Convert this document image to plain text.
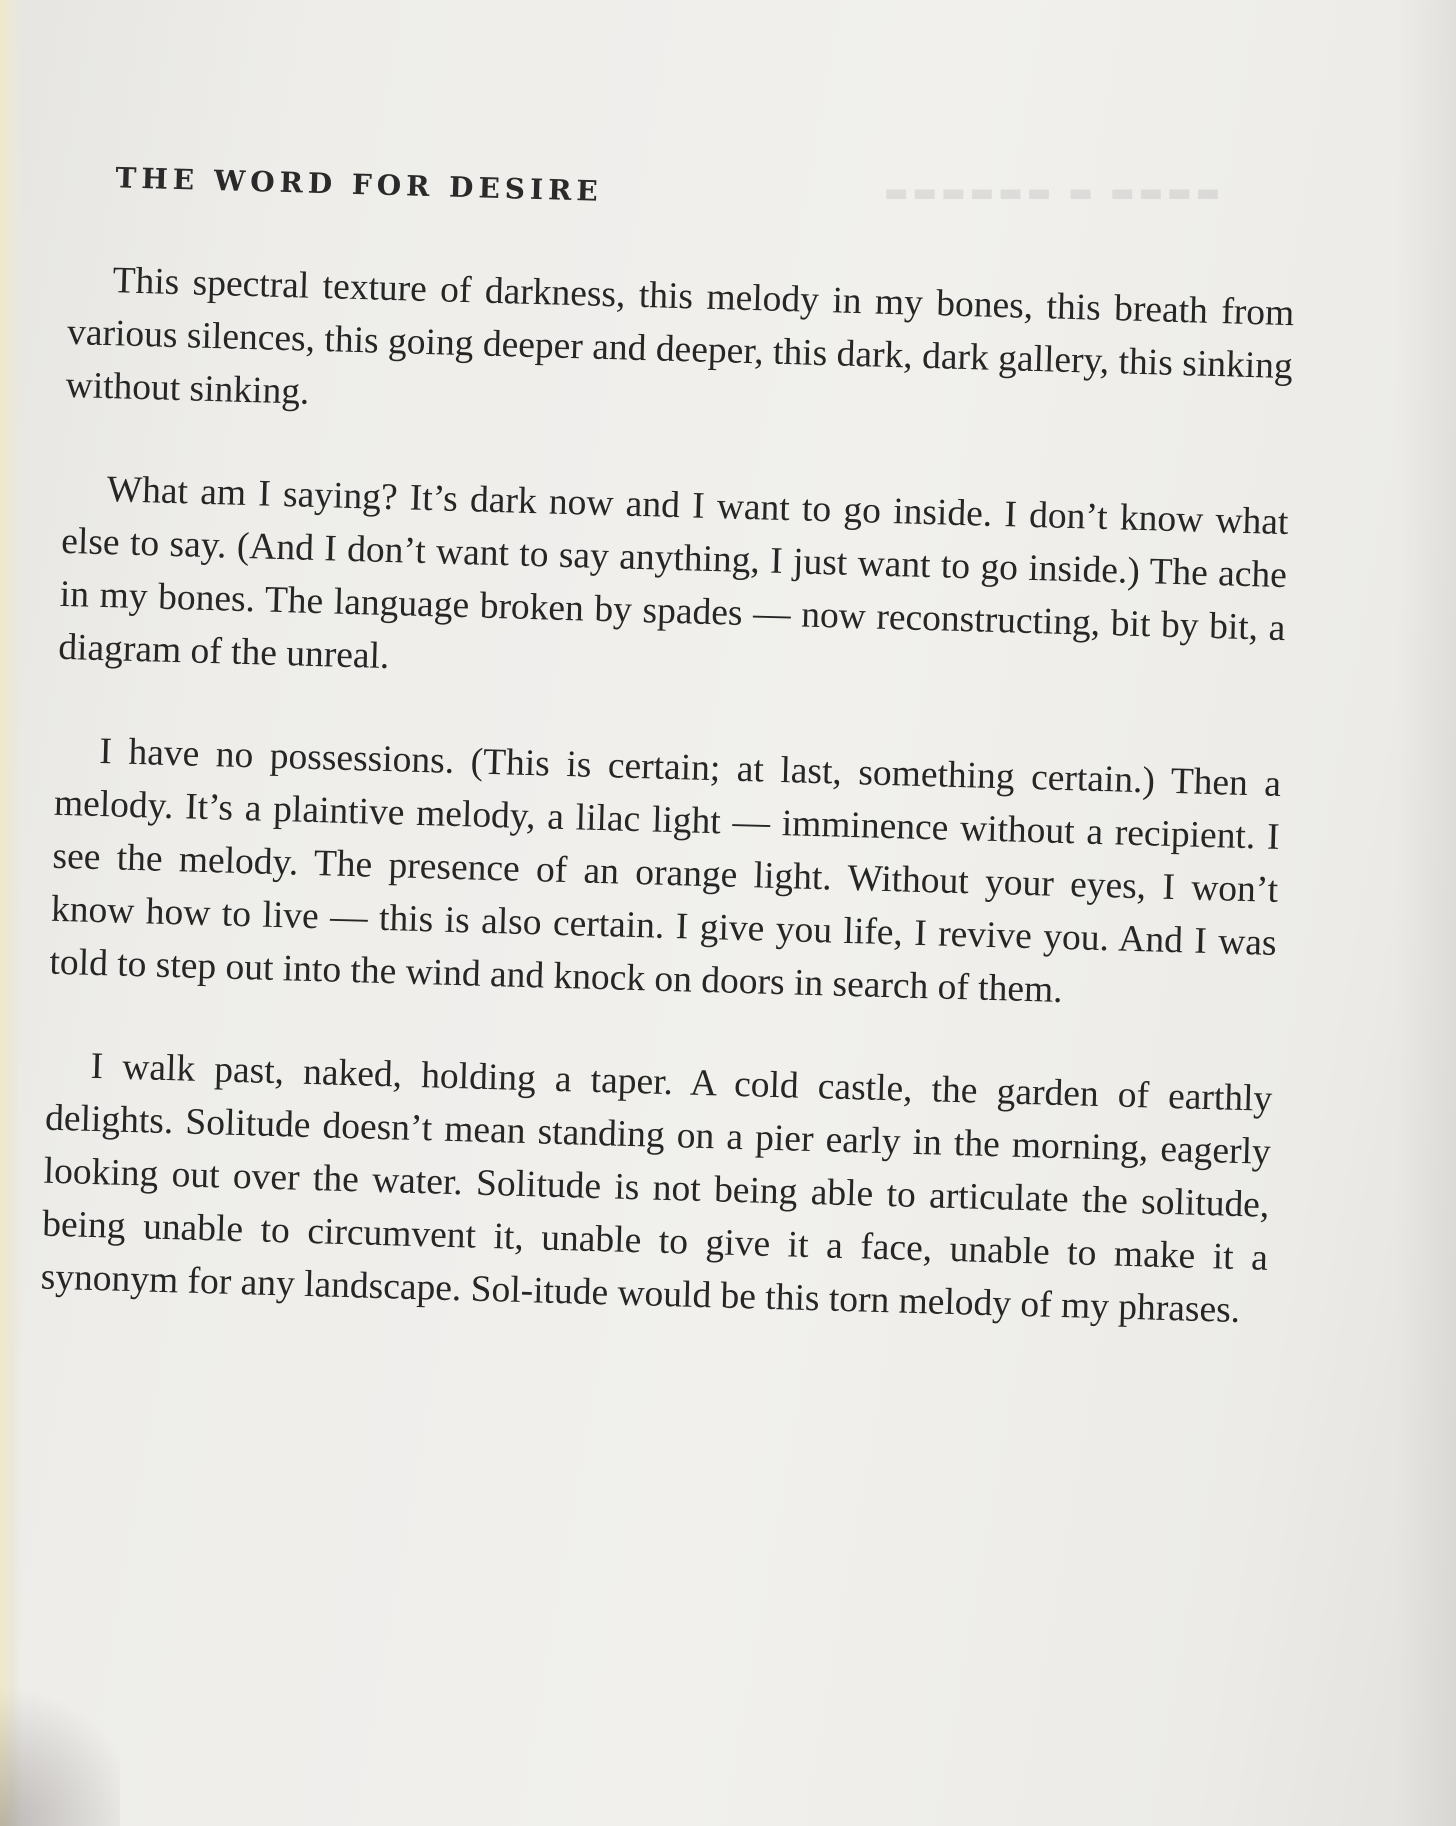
▬▬▬▬ ▬ ▬▬▬▬▬▬
THE WORD FOR DESIRE

This spectral texture of darkness, this melody in my bones, this breath from various silences, this going deeper and deeper, this dark, dark gallery, this sinking without sinking.

What am I saying? It’s dark now and I want to go inside. I don’t know what else to say. (And I don’t want to say anything, I just want to go inside.) The ache in my bones. The language broken by spades — now reconstructing, bit by bit, a diagram of the unreal.

I have no possessions. (This is certain; at last, something certain.) Then a melody. It’s a plaintive melody, a lilac light — imminence without a recipient. I see the melody. The presence of an orange light. Without your eyes, I won’t know how to live — this is also certain. I give you life, I revive you. And I was told to step out into the wind and knock on doors in search of them.

I walk past, naked, holding a taper. A cold castle, the garden of earthly delights. Solitude doesn’t mean standing on a pier early in the morning, eagerly looking out over the water. Solitude is not being able to articulate the solitude, being unable to circumvent it, unable to give it a face, unable to make it a synonym for any landscape. Sol-itude would be this torn melody of my phrases.
